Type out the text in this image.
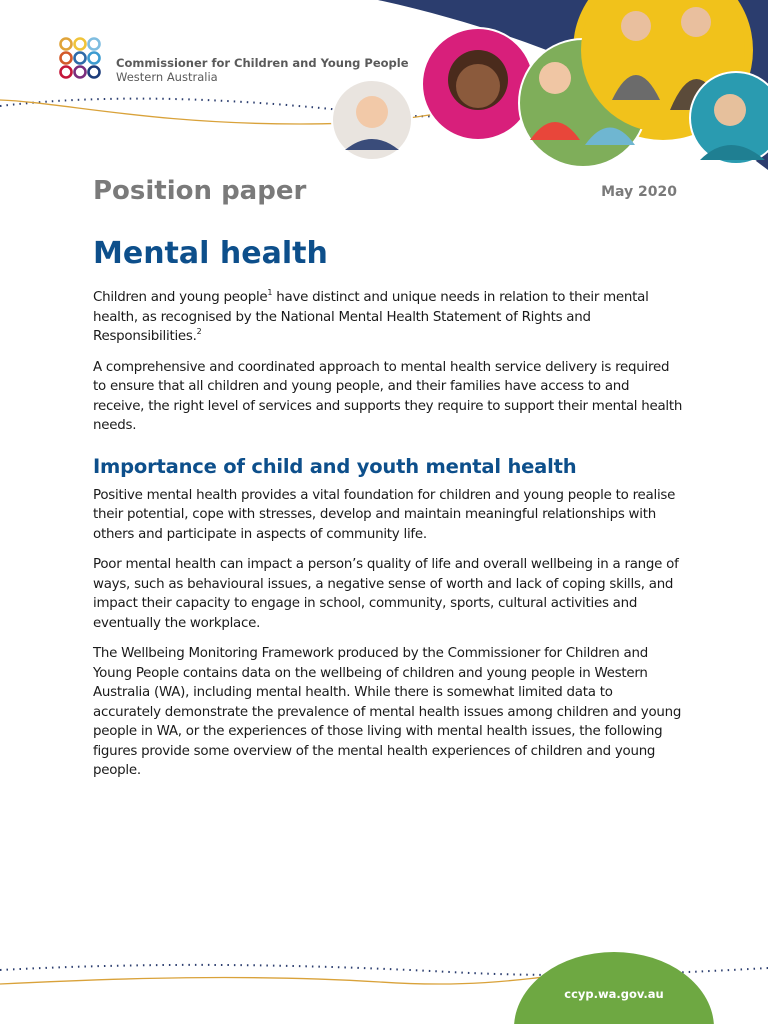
Commissioner for Children and Young People
Western Australia
Position paper	May 2020
Mental health

Children and young people$^1$ have distinct and unique needs in relation to their mental health, as recognised by the National Mental Health Statement of Rights and Responsibilities.$^2$

A comprehensive and coordinated approach to mental health service delivery is required to ensure that all children and young people, and their families have access to and receive, the right level of services and supports they require to support their mental health needs.

Importance of child and youth mental health

Positive mental health provides a vital foundation for children and young people to realise their potential, cope with stresses, develop and maintain meaningful relationships with others and participate in aspects of community life.

Poor mental health can impact a person’s quality of life and overall wellbeing in a range of ways, such as behavioural issues, a negative sense of worth and lack of coping skills, and impact their capacity to engage in school, community, sports, cultural activities and eventually the workplace.

The Wellbeing Monitoring Framework produced by the Commissioner for Children and Young People contains data on the wellbeing of children and young people in Western Australia (WA), including mental health. While there is somewhat limited data to accurately demonstrate the prevalence of mental health issues among children and young people in WA, or the experiences of those living with mental health issues, the following figures provide some overview of the mental health experiences of children and young people.

ccyp.wa.gov.au
